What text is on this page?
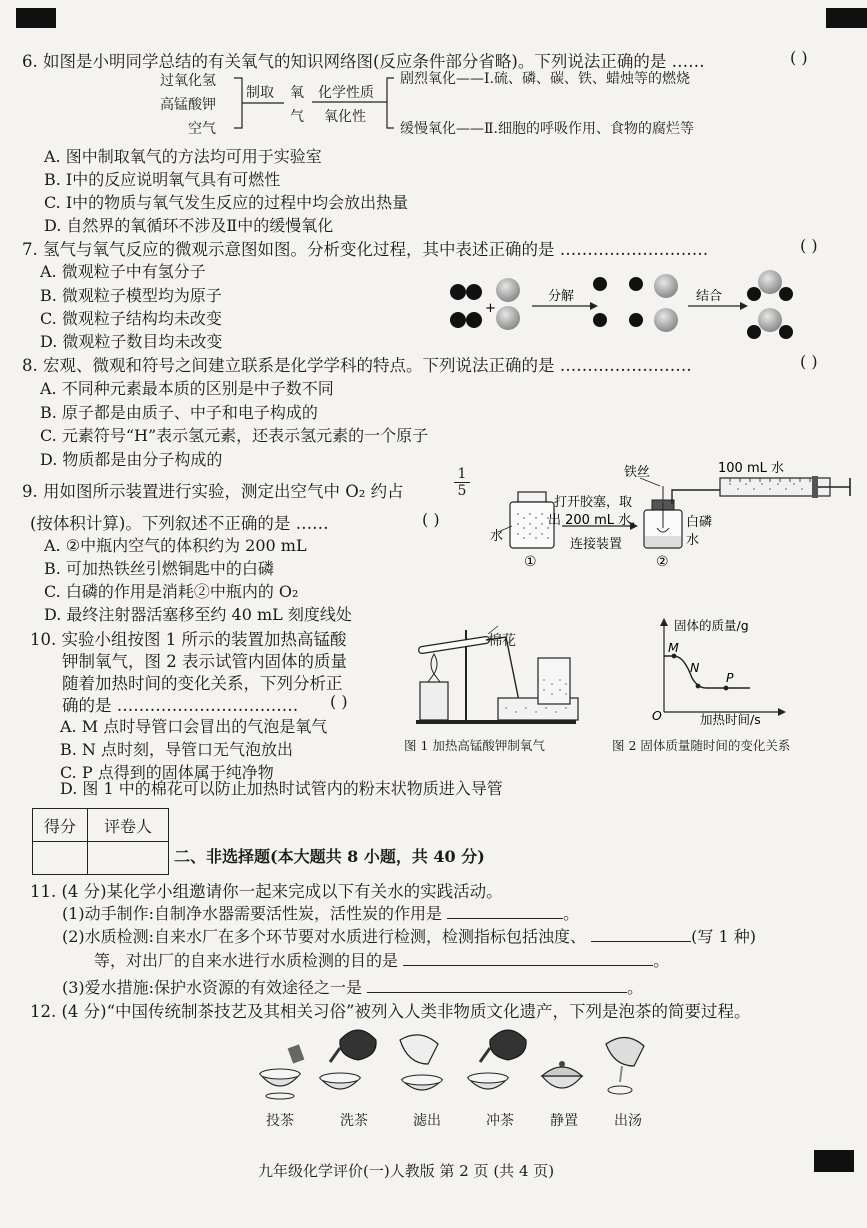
6. 如图是小明同学总结的有关氧气的知识网络图(反应条件部分省略)。下列说法正确的是 ……	( )
过氧化氢
高锰酸钾
空气
制取 氧
气
化学性质
氧化性
剧烈氧化——Ⅰ.硫、磷、碳、铁、蜡烛等的燃烧
缓慢氧化——Ⅱ.细胞的呼吸作用、食物的腐烂等
A. 图中制取氧气的方法均可用于实验室
B. Ⅰ中的反应说明氧气具有可燃性
C. Ⅰ中的物质与氧气发生反应的过程中均会放出热量
D. 自然界的氧循环不涉及Ⅱ中的缓慢氧化
7. 氢气与氧气反应的微观示意图如图。分析变化过程，其中表述正确的是 ………………………	( )
A. 微观粒子中有氢分子
B. 微观粒子模型均为原子
C. 微观粒子结构均未改变
D. 微观粒子数目均未改变
+
分解	结合
8. 宏观、微观和符号之间建立联系是化学学科的特点。下列说法正确的是 ……………………	( )
A. 不同种元素最本质的区别是中子数不同
B. 原子都是由质子、中子和电子构成的
C. 元素符号“H”表示氢元素，还表示氢元素的一个原子
D. 物质都是由分子构成的
9. 用如图所示装置进行实验，测定出空气中 O₂ 约占
1
5
(按体积计算)。下列叙述不正确的是 ……	( )
A. ②中瓶内空气的体积约为 200 mL
B. 可加热铁丝引燃铜匙中的白磷
C. 白磷的作用是消耗②中瓶内的 O₂
D. 最终注射器活塞移至约 40 mL 刻度线处
水
①
打开胶塞，取
出 200 mL 水，
连接装置
铁丝	100 mL 水
白磷
水
②
10. 实验小组按图 1 所示的装置加热高锰酸
钾制氧气，图 2 表示试管内固体的质量
随着加热时间的变化关系，下列分析正
确的是 …………………………… ( )
A. M 点时导管口会冒出的气泡是氧气
B. N 点时刻，导管口无气泡放出
C. P 点得到的固体属于纯净物
D. 图 1 中的棉花可以防止加热时试管内的粉末状物质进入导管
棉花
图 1 加热高锰酸钾制氧气
固体的质量/g
M
N
P
O	加热时间/s
图 2 固体质量随时间的变化关系
得分	评卷人

二、非选择题(本大题共 8 小题，共 40 分)
11. (4 分)某化学小组邀请你一起来完成以下有关水的实践活动。
(1)动手制作:自制净水器需要活性炭，活性炭的作用是	。
(2)水质检测:自来水厂在多个环节要对水质进行检测，检测指标包括浊度、	(写 1 种)
等，对出厂的自来水进行水质检测的目的是	。
(3)爱水措施:保护水资源的有效途径之一是	。
12. (4 分)“中国传统制茶技艺及其相关习俗”被列入人类非物质文化遗产，下列是泡茶的简要过程。
投茶	洗茶	滤出	冲茶	静置	出汤
九年级化学评价(一)人教版 第 2 页 (共 4 页)
